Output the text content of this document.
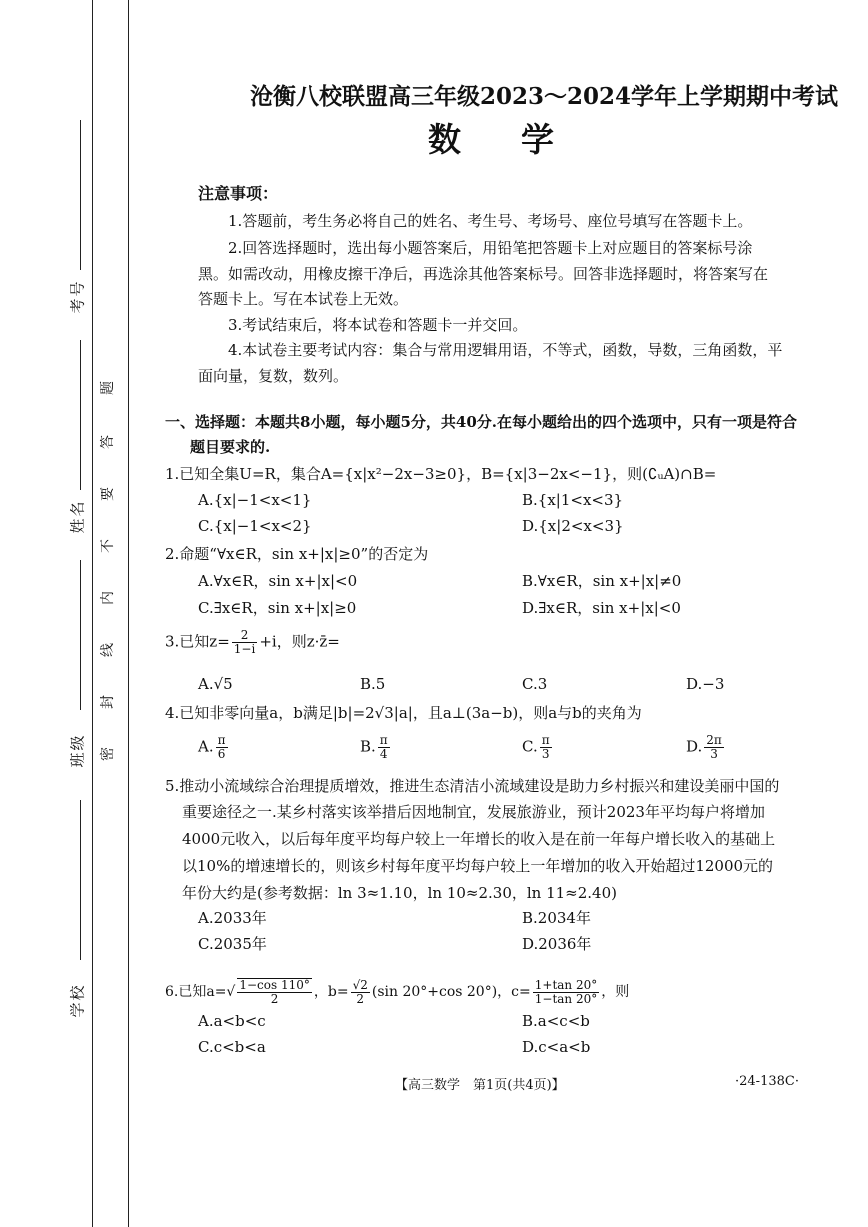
考号
姓名
班级
学校
题
答
要
不
内
线
封
密
沧衡八校联盟高三年级2023～2024学年上学期期中考试
数学
注意事项：
1.答题前，考生务必将自己的姓名、考生号、考场号、座位号填写在答题卡上。
2.回答选择题时，选出每小题答案后，用铅笔把答题卡上对应题目的答案标号涂
黑。如需改动，用橡皮擦干净后，再选涂其他答案标号。回答非选择题时，将答案写在
答题卡上。写在本试卷上无效。
3.考试结束后，将本试卷和答题卡一并交回。
4.本试卷主要考试内容：集合与常用逻辑用语，不等式，函数，导数，三角函数，平
面向量，复数，数列。
一、选择题：本题共8小题，每小题5分，共40分.在每小题给出的四个选项中，只有一项是符合
题目要求的.
1.已知全集U=R，集合A={x|x²−2x−3≥0}，B={x|3−2x<−1}，则(∁ᵤA)∩B=
A.{x|−1<x<1}	B.{x|1<x<3}
C.{x|−1<x<2}	D.{x|2<x<3}
2.命题“∀x∈R，sin x+|x|≥0”的否定为
A.∀x∈R，sin x+|x|<0	B.∀x∈R，sin x+|x|≠0
C.∃x∈R，sin x+|x|≥0	D.∃x∈R，sin x+|x|<0
3.已知$z= \frac{2}{1-i} +i$，则z·z̄=
A.√5	B.5	C.3	D.−3
4.已知非零向量a，b满足|b|=2√3|a|，且a⊥(3a−b)，则a与b的夹角为
A. $\frac{\pi}{6}$	B. $\frac{\pi}{4}$	C. $\frac{\pi}{3}$	D. $\frac{2\pi}{3}$
5.推动小流域综合治理提质增效，推进生态清洁小流域建设是助力乡村振兴和建设美丽中国的
重要途径之一.某乡村落实该举措后因地制宜，发展旅游业，预计2023年平均每户将增加
4000元收入，以后每年度平均每户较上一年增长的收入是在前一年每户增长收入的基础上
以10%的增速增长的，则该乡村每年度平均每户较上一年增加的收入开始超过12000元的
年份大约是(参考数据：ln 3≈1.10，ln 10≈2.30，ln 11≈2.40)
A.2033年	B.2034年
C.2035年	D.2036年
6.已知$a=√ \frac{1-\cos 110^\circ}{2}$ ，$b= \frac{√2}{2} (\sin$ 20°+cos 20°)，$c= \frac{1+\tan 20^\circ}{1-\tan 20^\circ}$ ，则
A.a<b<c	B.a<c<b
C.c<b<a	D.c<a<b
【高三数学　第1页(共4页)】	·24-138C·
